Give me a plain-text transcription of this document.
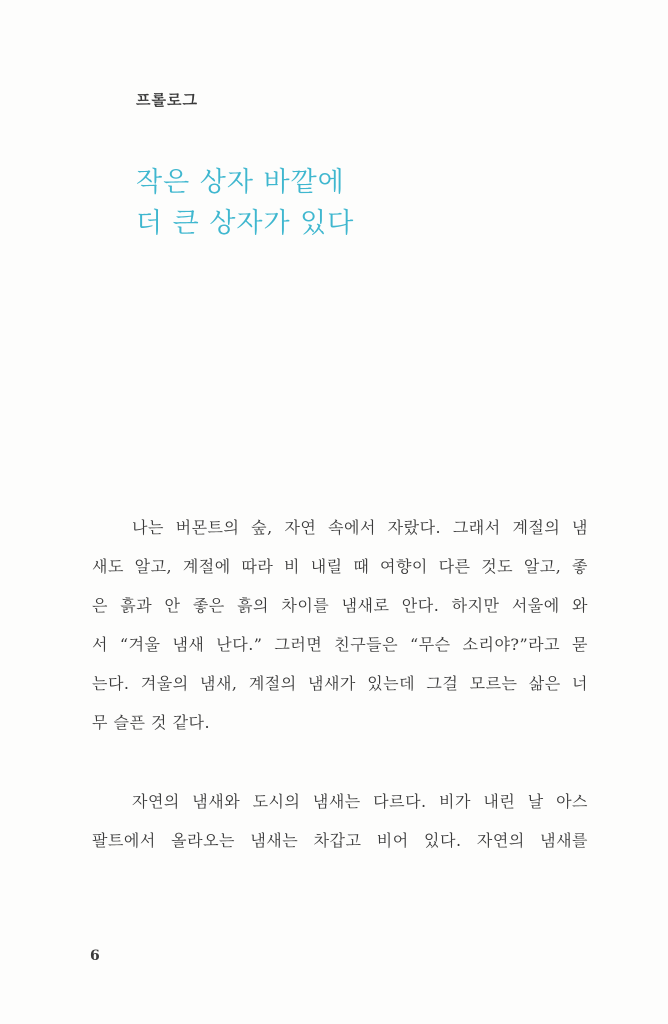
프롤로그
작은 상자 바깥에
더 큰 상자가 있다
나는 버몬트의 숲, 자연 속에서 자랐다. 그래서 계절의 냄
새도 알고, 계절에 따라 비 내릴 때 여향이 다른 것도 알고, 좋
은 흙과 안 좋은 흙의 차이를 냄새로 안다. 하지만 서울에 와
서 “겨울 냄새 난다.” 그러면 친구들은 “무슨 소리야?”라고 묻
는다. 겨울의 냄새, 계절의 냄새가 있는데 그걸 모르는 삶은 너
무 슬픈 것 같다.
자연의 냄새와 도시의 냄새는 다르다. 비가 내린 날 아스
팔트에서 올라오는 냄새는 차갑고 비어 있다. 자연의 냄새를
6
